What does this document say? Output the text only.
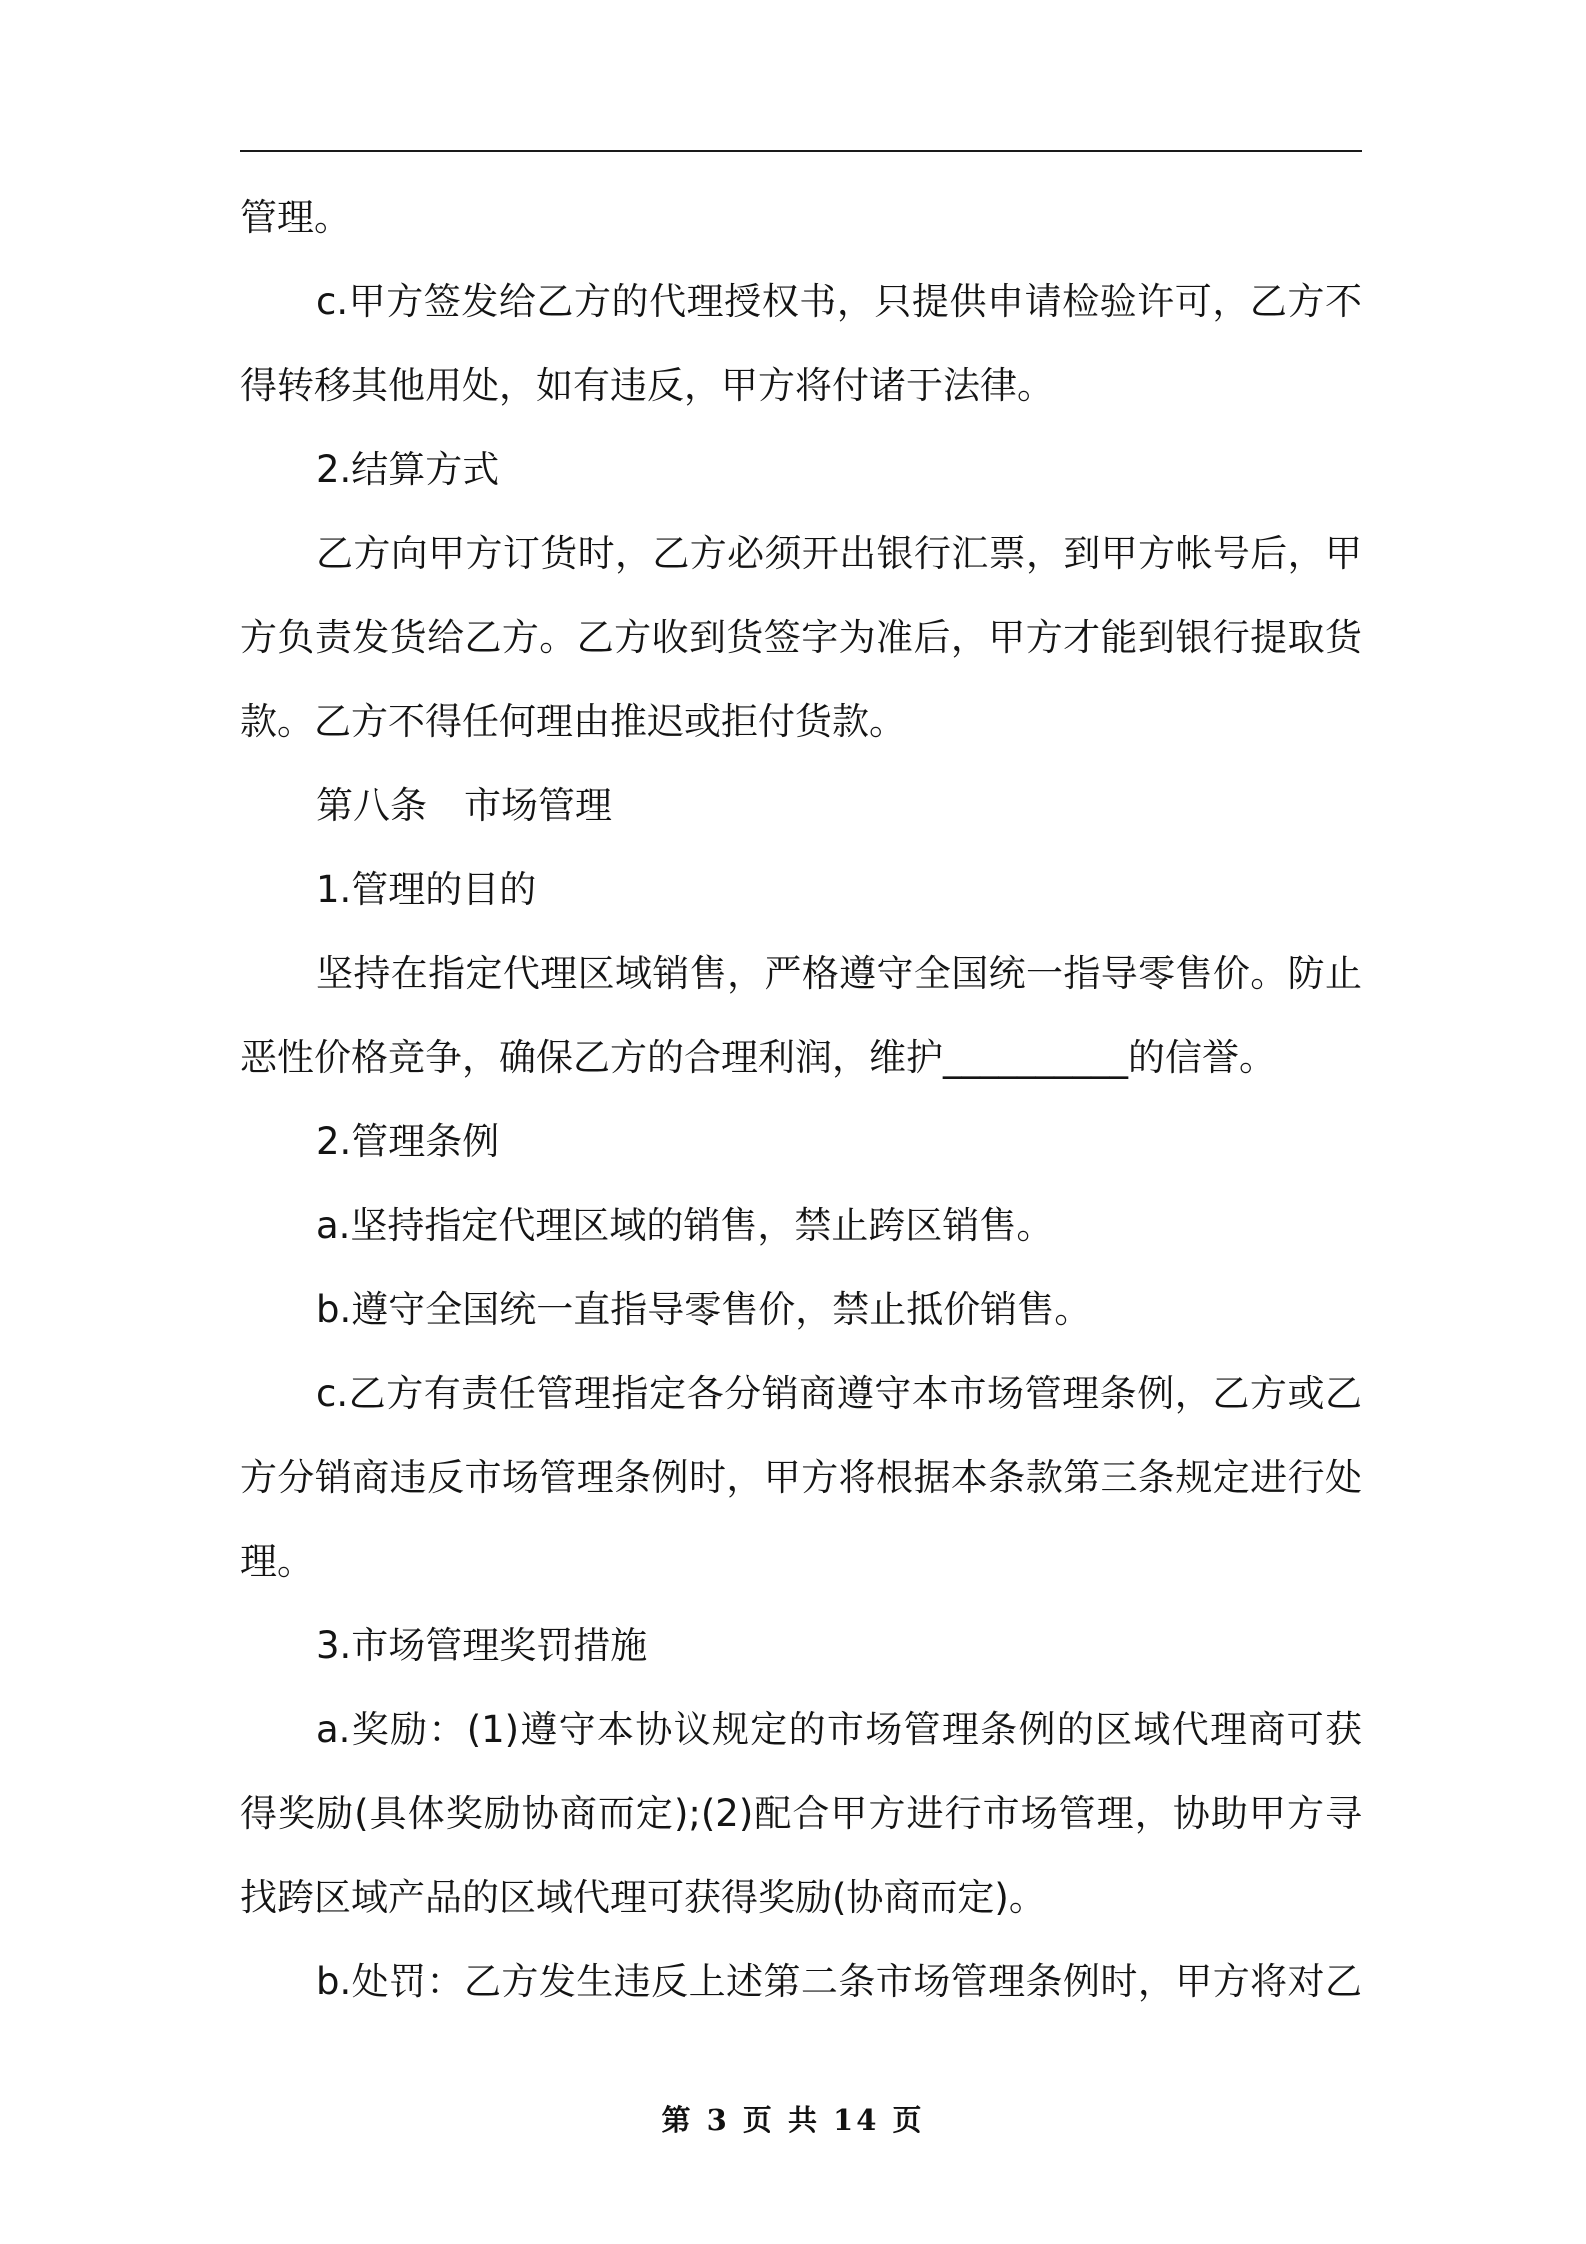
管理。
c.甲方签发给乙方的代理授权书，只提供申请检验许可，乙方不
得转移其他用处，如有违反，甲方将付诸于法律。
2.结算方式
乙方向甲方订货时，乙方必须开出银行汇票，到甲方帐号后，甲
方负责发货给乙方。乙方收到货签字为准后，甲方才能到银行提取货
款。乙方不得任何理由推迟或拒付货款。
第八条　市场管理
1.管理的目的
坚持在指定代理区域销售，严格遵守全国统一指导零售价。防止
恶性价格竞争，确保乙方的合理利润，维护__________的信誉。
2.管理条例
a.坚持指定代理区域的销售，禁止跨区销售。
b.遵守全国统一直指导零售价，禁止抵价销售。
c.乙方有责任管理指定各分销商遵守本市场管理条例，乙方或乙
方分销商违反市场管理条例时，甲方将根据本条款第三条规定进行处
理。
3.市场管理奖罚措施
a.奖励：(1)遵守本协议规定的市场管理条例的区域代理商可获
得奖励(具体奖励协商而定);(2)配合甲方进行市场管理，协助甲方寻
找跨区域产品的区域代理可获得奖励(协商而定)。
b.处罚：乙方发生违反上述第二条市场管理条例时，甲方将对乙
第 3 页 共 14 页
